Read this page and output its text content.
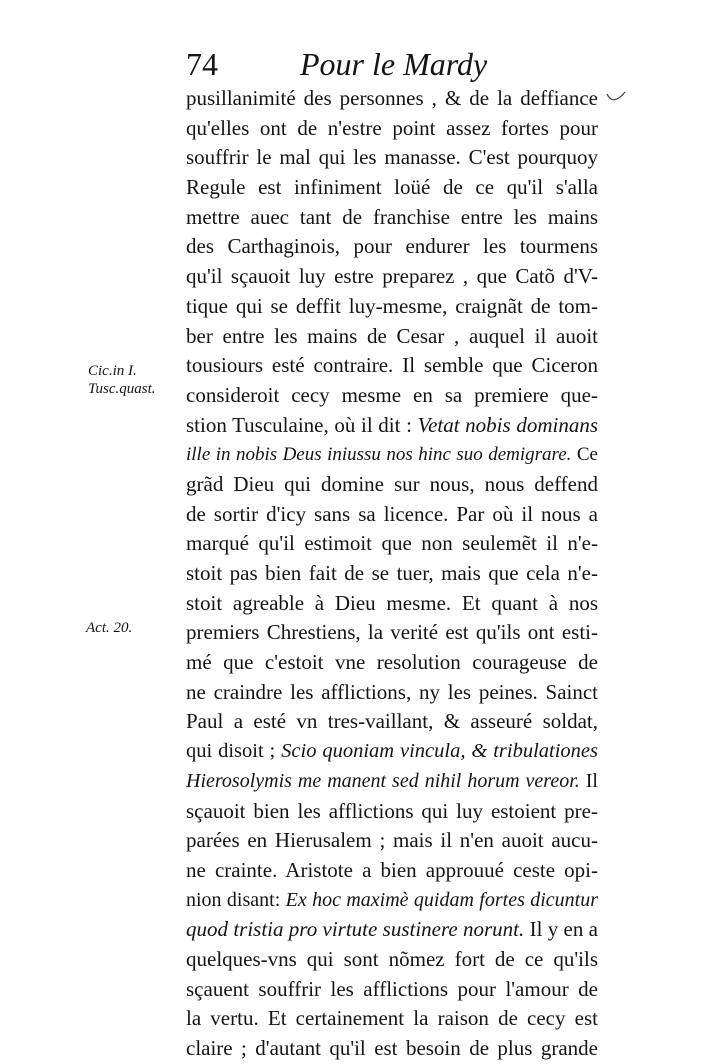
74	Pour le Mardy
Cic.in I.
Tusc.quast.
Act. 20.
pusillanimité des personnes , & de la deffiance
qu'elles ont de n'estre point assez fortes pour
souffrir le mal qui les manasse. C'est pourquoy
Regule est infiniment loüé de ce qu'il s'alla
mettre auec tant de franchise entre les mains
des Carthaginois, pour endurer les tourmens
qu'il sçauoit luy estre preparez , que Catõ d'V-
tique qui se deffit luy-mesme, craignãt de tom-
ber entre les mains de Cesar , auquel il auoit
tousiours esté contraire. Il semble que Ciceron
consideroit cecy mesme en sa premiere que-
stion Tusculaine, où il dit : Vetat nobis dominans
ille in nobis Deus iniussu nos hinc suo demigrare. Ce
grãd Dieu qui domine sur nous, nous deffend
de sortir d'icy sans sa licence. Par où il nous a
marqué qu'il estimoit que non seulemẽt il n'e-
stoit pas bien fait de se tuer, mais que cela n'e-
stoit agreable à Dieu mesme. Et quant à nos
premiers Chrestiens, la verité est qu'ils ont esti-
mé que c'estoit vne resolution courageuse de
ne craindre les afflictions, ny les peines. Sainct
Paul a esté vn tres-vaillant, & asseuré soldat,
qui disoit ; Scio quoniam vincula, & tribulationes
Hierosolymis me manent sed nihil horum vereor. Il
sçauoit bien les afflictions qui luy estoient pre-
parées en Hierusalem ; mais il n'en auoit aucu-
ne crainte. Aristote a bien approuué ceste opi-
nion disant: Ex hoc maximè quidam fortes dicuntur
quod tristia pro virtute sustinere norunt. Il y en a
quelques-vns qui sont nõmez fort de ce qu'ils
sçauent souffrir les afflictions pour l'amour de
la vertu. Et certainement la raison de cecy est
claire ; d'autant qu'il est besoin de plus grande
